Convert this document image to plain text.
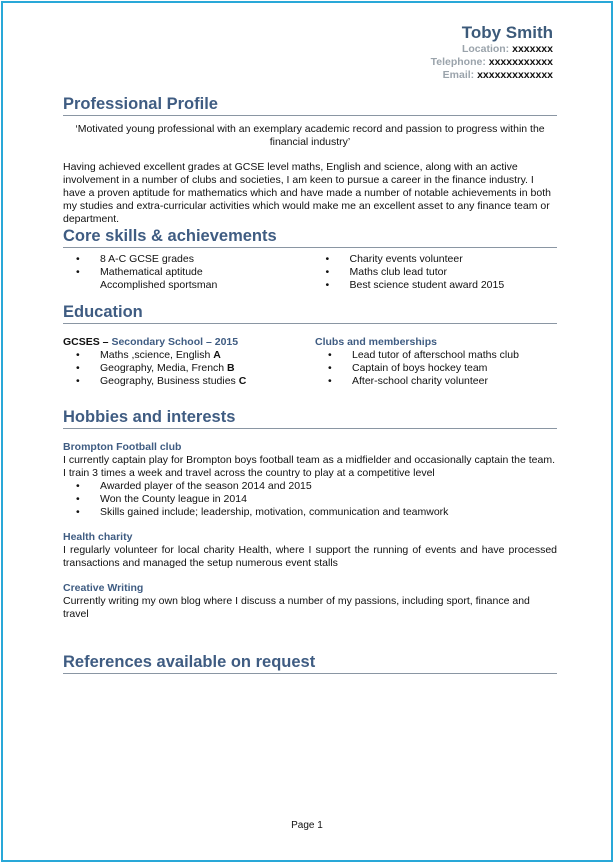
Toby Smith
Location: xxxxxxx
Telephone: xxxxxxxxxxx
Email: xxxxxxxxxxxxx
Professional Profile

‘Motivated young professional with an exemplary academic record and passion to progress within the financial industry’

Having achieved excellent grades at GCSE level maths, English and science, along with an active involvement in a number of clubs and societies, I am keen to pursue a career in the finance industry. I have a proven aptitude for mathematics which and have made a number of notable achievements in both my studies and extra-curricular activities which would make me an excellent asset to any finance team or department.

Core skills & achievements
• 8 A-C GCSE grades
• Mathematical aptitude
Accomplished sportsman
• Charity events volunteer
• Maths club lead tutor
• Best science student award 2015
Education
GCSES – Secondary School – 2015
• Maths ,science, English A
• Geography, Media, French B
• Geography, Business studies C
Clubs and memberships
• Lead tutor of afterschool maths club
• Captain of boys hockey team
• After-school charity volunteer
Hobbies and interests
Brompton Football club

I currently captain play for Brompton boys football team as a midfielder and occasionally captain the team. I train 3 times a week and travel across the country to play at a competitive level

• Awarded player of the season 2014 and 2015
• Won the County league in 2014
• Skills gained include; leadership, motivation, communication and teamwork
Health charity

I regularly volunteer for local charity Health, where I support the running of events and have processed transactions and managed the setup numerous event stalls

Creative Writing

Currently writing my own blog where I discuss a number of my passions, including sport, finance and travel

References available on request
Page 1
